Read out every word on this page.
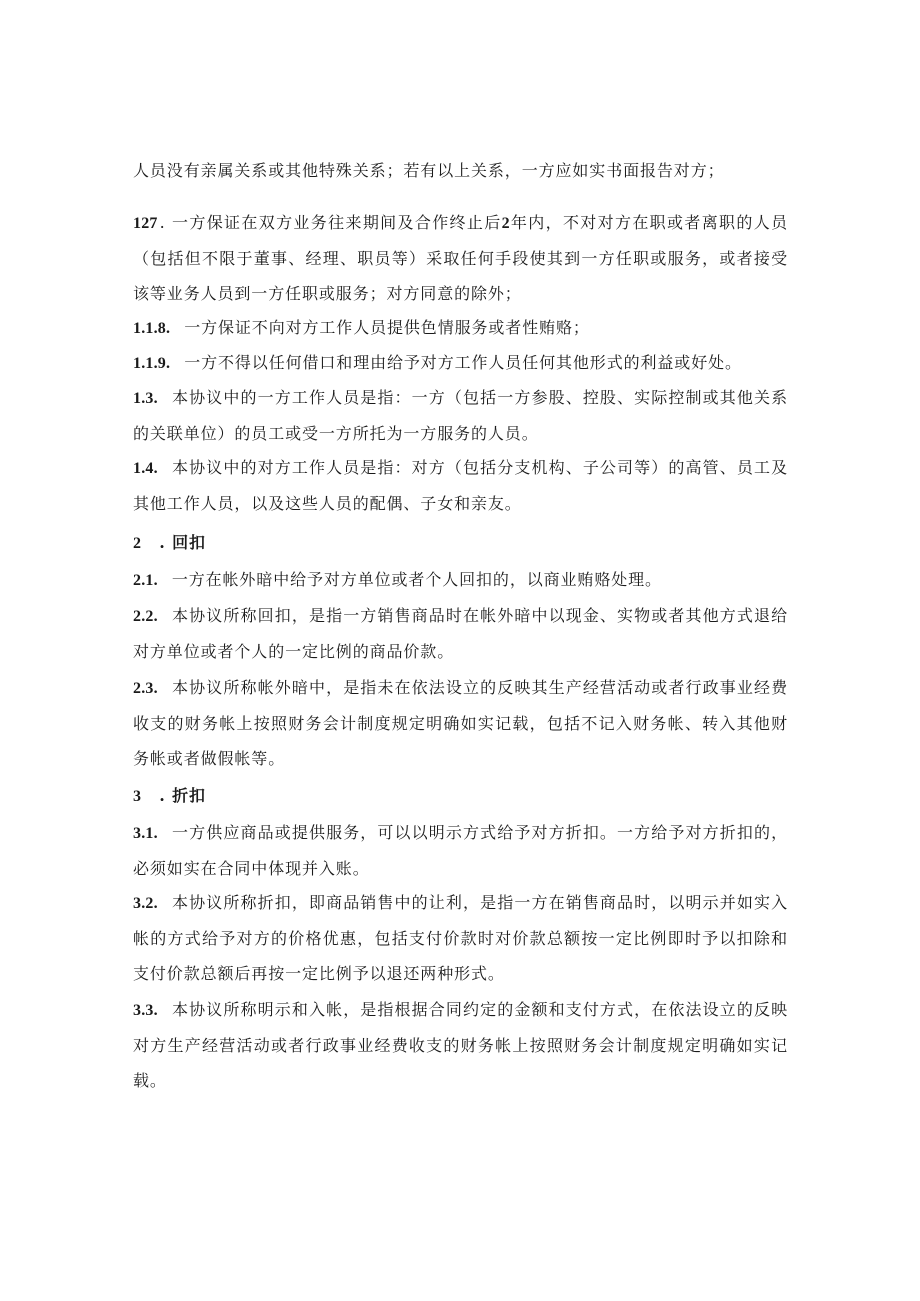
人员没有亲属关系或其他特殊关系；若有以上关系，一方应如实书面报告对方；

127 . 一方保证在双方业务往来期间及合作终止后2年内，不对对方在职或者离职的人员（包括但不限于董事、经理、职员等）采取任何手段使其到一方任职或服务，或者接受该等业务人员到一方任职或服务；对方同意的除外；

1.1.8. 一方保证不向对方工作人员提供色情服务或者性贿赂；

1.1.9. 一方不得以任何借口和理由给予对方工作人员任何其他形式的利益或好处。

1.3. 本协议中的一方工作人员是指：一方（包括一方参股、控股、实际控制或其他关系的关联单位）的员工或受一方所托为一方服务的人员。

1.4. 本协议中的对方工作人员是指：对方（包括分支机构、子公司等）的高管、员工及其他工作人员，以及这些人员的配偶、子女和亲友。

2 . 回扣

2.1. 一方在帐外暗中给予对方单位或者个人回扣的，以商业贿赂处理。

2.2. 本协议所称回扣，是指一方销售商品时在帐外暗中以现金、实物或者其他方式退给对方单位或者个人的一定比例的商品价款。

2.3. 本协议所称帐外暗中，是指未在依法设立的反映其生产经营活动或者行政事业经费收支的财务帐上按照财务会计制度规定明确如实记载，包括不记入财务帐、转入其他财务帐或者做假帐等。

3 . 折扣

3.1. 一方供应商品或提供服务，可以以明示方式给予对方折扣。一方给予对方折扣的，必须如实在合同中体现并入账。

3.2. 本协议所称折扣，即商品销售中的让利，是指一方在销售商品时，以明示并如实入帐的方式给予对方的价格优惠，包括支付价款时对价款总额按一定比例即时予以扣除和支付价款总额后再按一定比例予以退还两种形式。

3.3. 本协议所称明示和入帐，是指根据合同约定的金额和支付方式，在依法设立的反映对方生产经营活动或者行政事业经费收支的财务帐上按照财务会计制度规定明确如实记载。
